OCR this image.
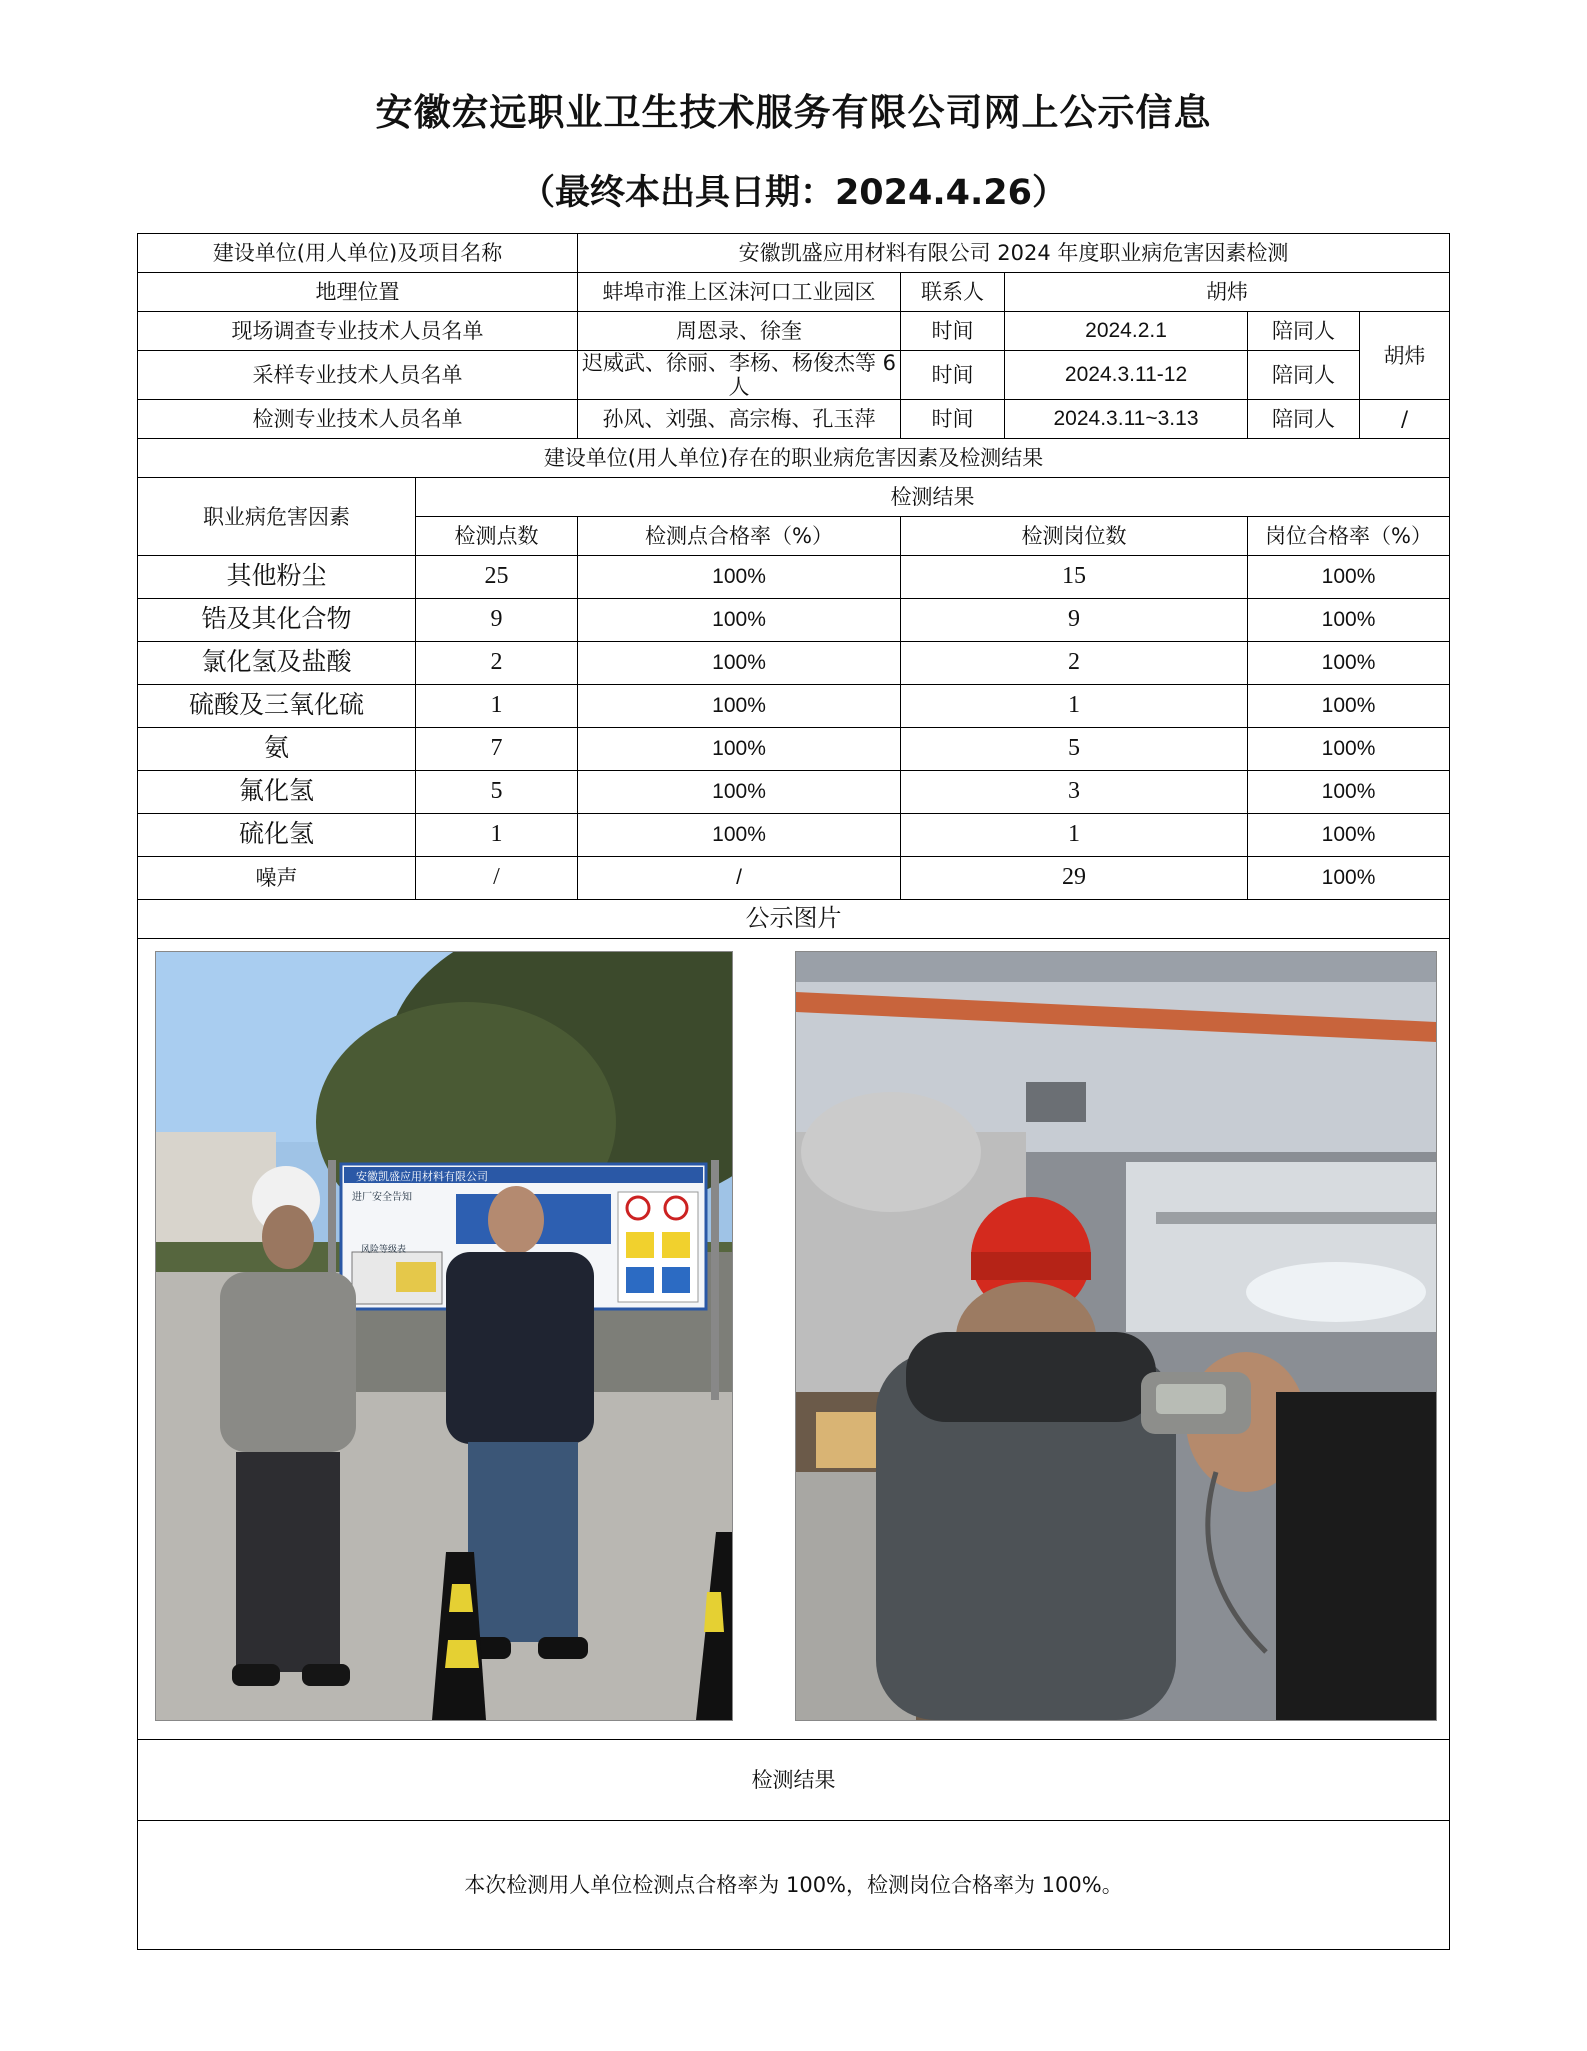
安徽宏远职业卫生技术服务有限公司网上公示信息
（最终本出具日期：2024.4.26）
建设单位(用人单位)及项目名称		安徽凯盛应用材料有限公司 2024 年度职业病危害因素检测				
地理位置		蚌埠市淮上区沫河口工业园区	联系人	胡炜		
现场调查专业技术人员名单		周恩录、徐奎	时间	2024.2.1	陪同人	胡炜
采样专业技术人员名单		迟威武、徐丽、李杨、杨俊杰等 6 人	时间	2024.3.11-12	陪同人	
检测专业技术人员名单		孙风、刘强、高宗梅、孔玉萍	时间	2024.3.11~3.13	陪同人	/
建设单位(用人单位)存在的职业病危害因素及检测结果						
职业病危害因素	检测结果					
	检测点数	检测点合格率（%）	检测岗位数		岗位合格率（%）	
其他粉尘	25	100%	15		100%	
锆及其化合物	9	100%	9		100%	
氯化氢及盐酸	2	100%	2		100%	
硫酸及三氧化硫	1	100%	1		100%	
氨	7	100%	5		100%	
氟化氢	5	100%	3		100%	
硫化氢	1	100%	1		100%	
噪声	/	/	29		100%	
公示图片						

安徽凯盛应用材料有限公司
进厂安全告知
风险等级表						

检测结果						
本次检测用人单位检测点合格率为 100%，检测岗位合格率为 100%。						
